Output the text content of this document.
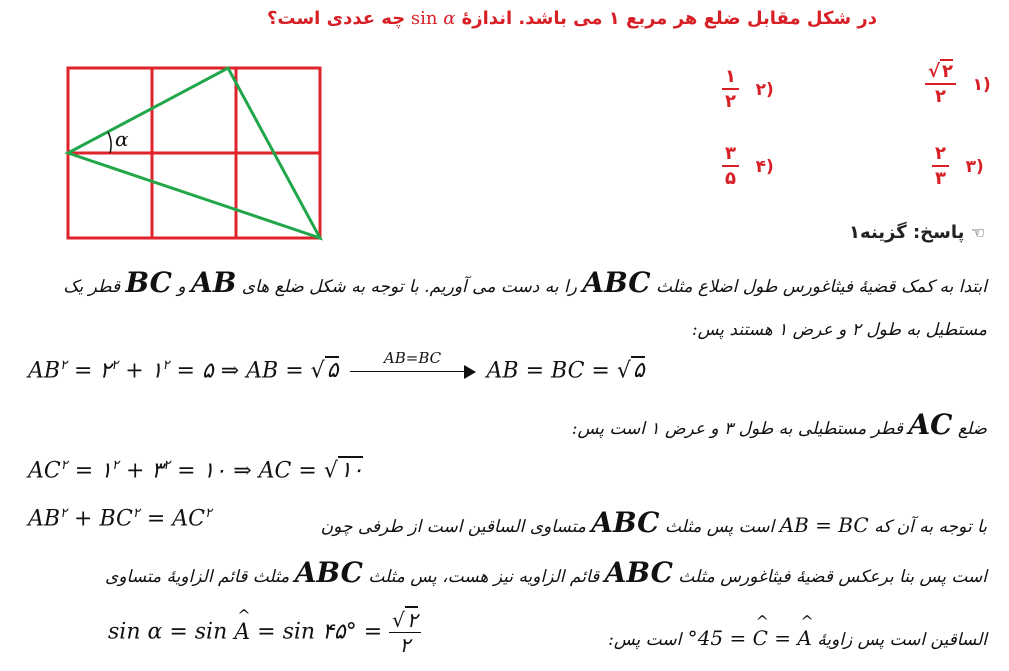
در شکل مقابل ضلع هر مربع ۱ می باشد. اندازهٔ sin α چه عددی است؟
α
$\frac{√ ۲}{۲}$ ۱)
$\frac{۱}{۲}$ ۲)
$\frac{۲}{۳}$ ۳)
$\frac{۳}{۵}$ ۴)
☜ پاسخ: گزینه۱
ابتدا به کمک قضیهٔ فیثاغورس طول اضلاع مثلث ABC را به دست می آوریم. با توجه به شکل ضلع های AB و BC قطر یک
مستطیل به طول ۲ و عرض ۱ هستند پس:
$AB^۲$ = $۲^۲$ + $۱^۲$ = ۵ ⇒ AB = √۵	AB=BC	AB = BC = √۵
ضلع AC قطر مستطیلی به طول ۳ و عرض ۱ است پس:
$AC^۲$ = $۱^۲$ + $۳^۲$ = ۱۰ ⇒ AC = √۱۰
$AB^۲ + BC^۲ = AC^۲$
با توجه به آن که AB = BC است پس مثلث ABC متساوی الساقین است از طرفی چون
است پس بنا برعکس قضیهٔ فیثاغورس مثلث ABC قائم الزاویه نیز هست، پس مثلث ABC مثلث قائم الزاویهٔ متساوی
الساقین است پس زاویهٔ ^ A = ^ C = 45° است پس:
sin α = sin ^ A = sin ۴۵° = √ ۲
۲
